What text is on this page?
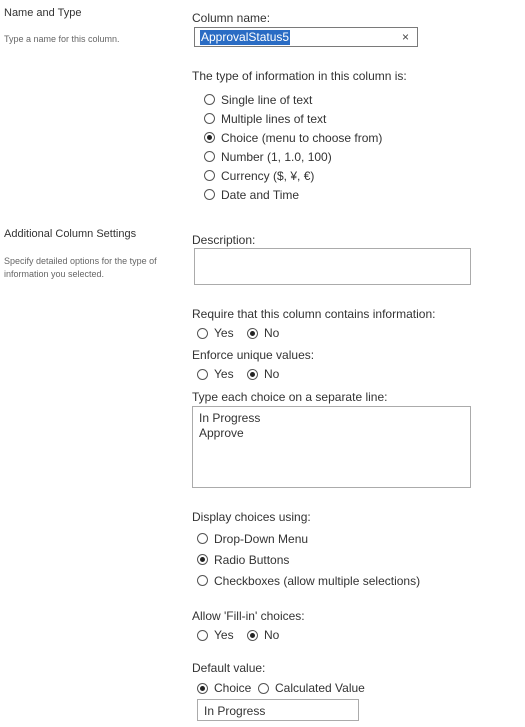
Name and Type
Type a name for this column.
Additional Column Settings
Specify detailed options for the type of information you selected.
Column name:
ApprovalStatus5	×
The type of information in this column is:
Single line of text
Multiple lines of text
Choice (menu to choose from)
Number (1, 1.0, 100)
Currency ($, ¥, €)
Date and Time
Description:
Require that this column contains information:
Yes	No
Enforce unique values:
Yes	No
Type each choice on a separate line:
In Progress
Approve
Display choices using:
Drop-Down Menu
Radio Buttons
Checkboxes (allow multiple selections)
Allow 'Fill-in' choices:
Yes	No
Default value:
Choice Calculated Value
In Progress
